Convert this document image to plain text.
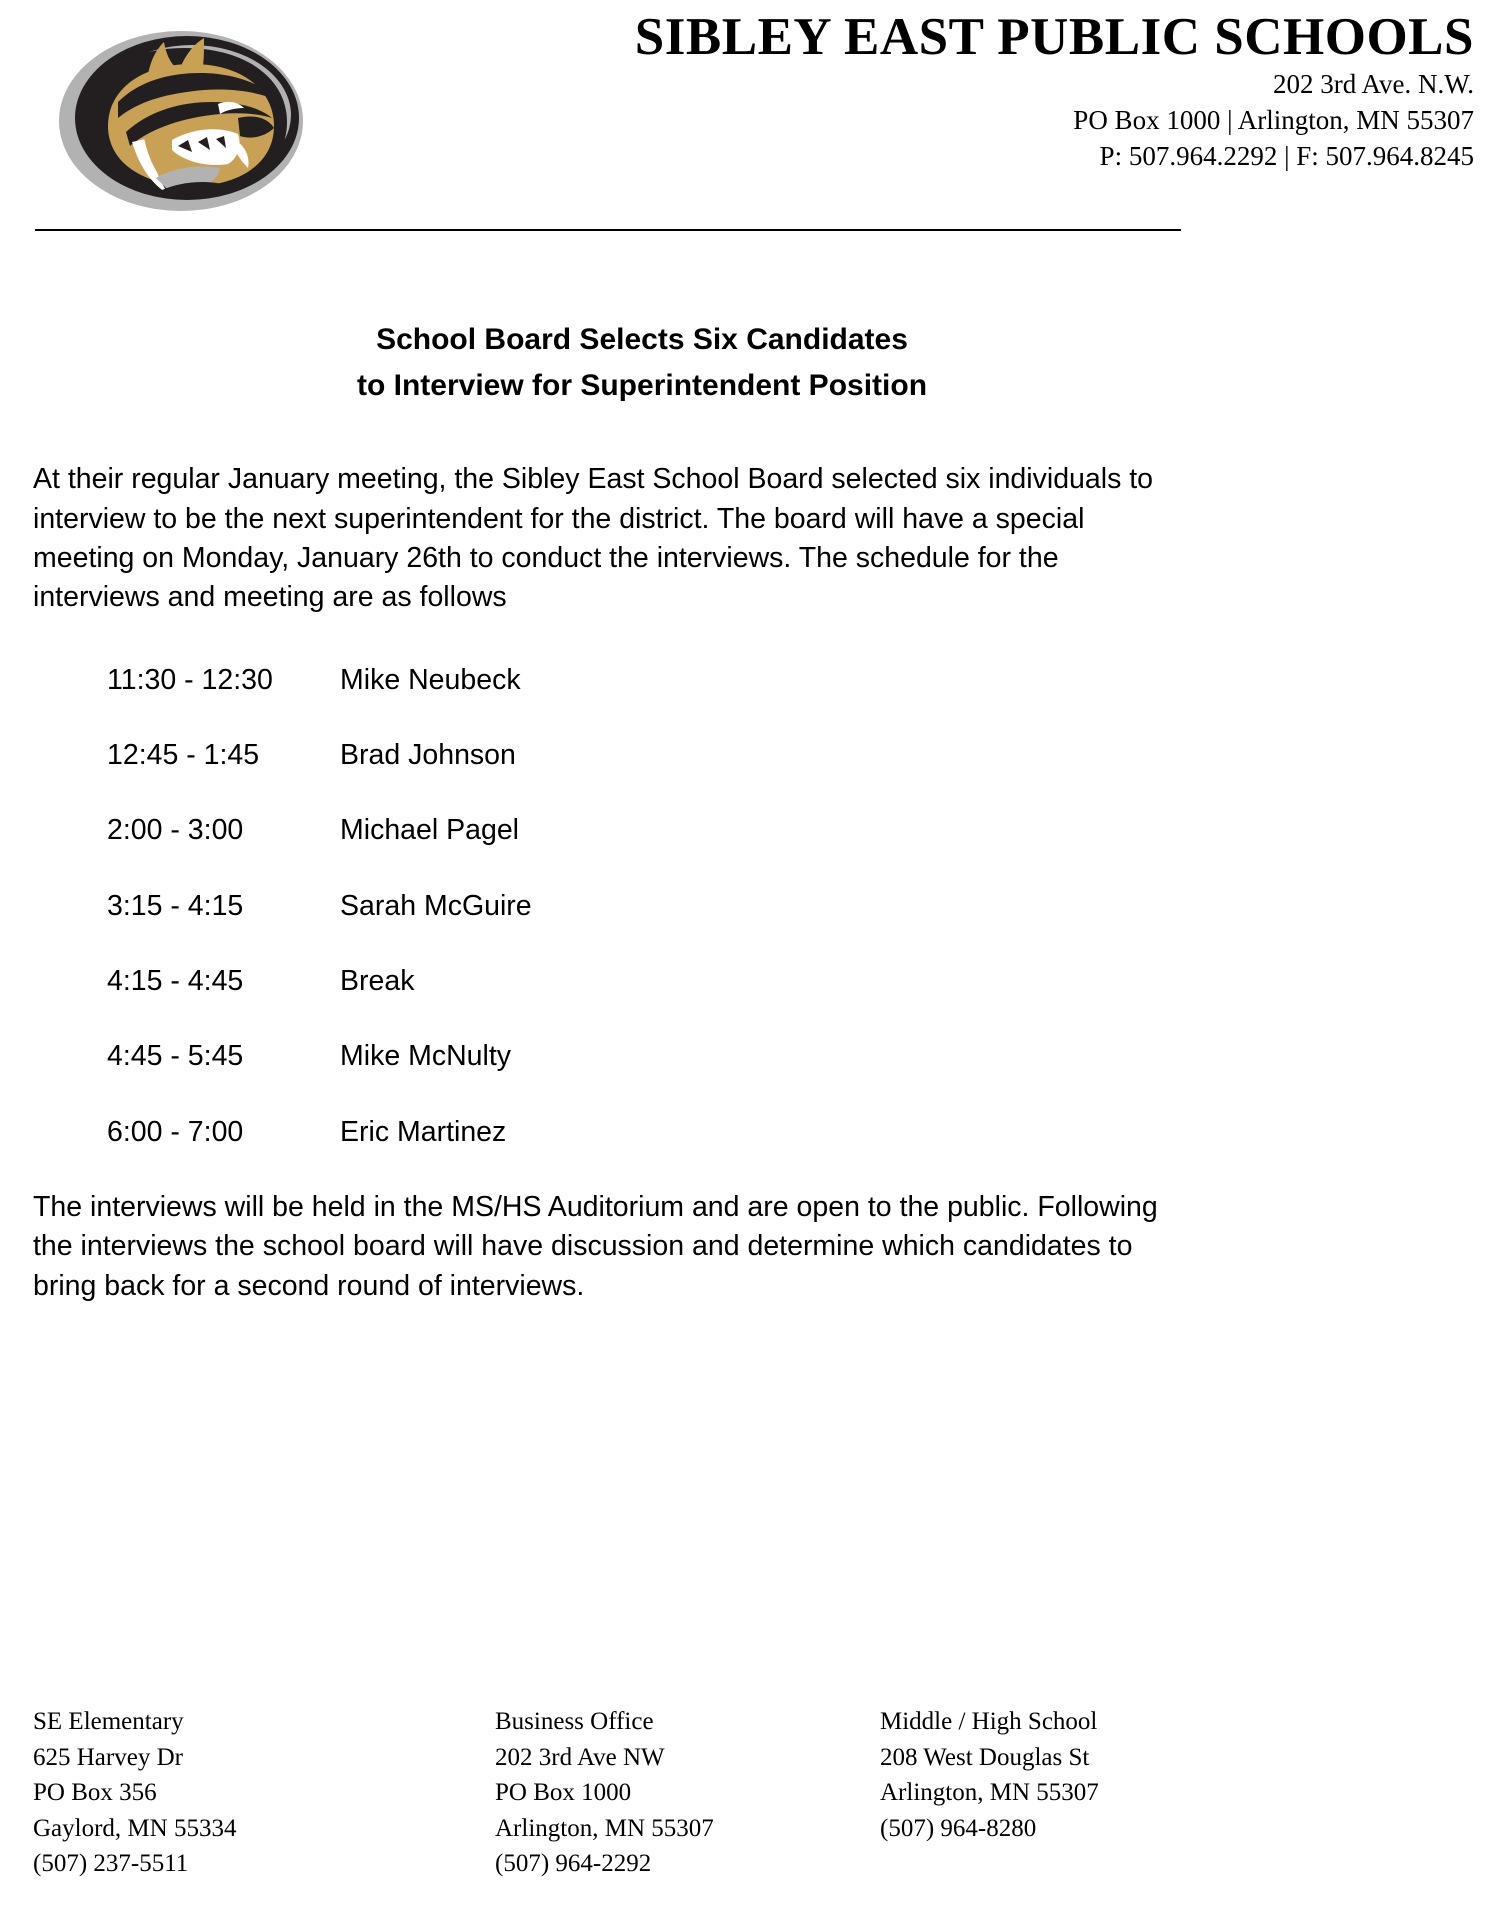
SIBLEY EAST PUBLIC SCHOOLS
202 3rd Ave. N.W.
PO Box 1000 | Arlington, MN 55307
P: 507.964.2292 | F: 507.964.8245
School Board Selects Six Candidates
to Interview for Superintendent Position

At their regular January meeting, the Sibley East School Board selected six individuals to interview to be the next superintendent for the district. The board will have a special meeting on Monday, January 26th to conduct the interviews. The schedule for the interviews and meeting are as follows

11:30 - 12:30	Mike Neubeck
12:45 - 1:45	Brad Johnson
2:00 - 3:00	Michael Pagel
3:15 - 4:15	Sarah McGuire
4:15 - 4:45	Break
4:45 - 5:45	Mike McNulty
6:00 - 7:00	Eric Martinez

The interviews will be held in the MS/HS Auditorium and are open to the public. Following the interviews the school board will have discussion and determine which candidates to bring back for a second round of interviews.

SE Elementary
625 Harvey Dr
PO Box 356
Gaylord, MN 55334
(507) 237-5511
Business Office
202 3rd Ave NW
PO Box 1000
Arlington, MN 55307
(507) 964-2292
Middle / High School
208 West Douglas St
Arlington, MN 55307
(507) 964-8280
